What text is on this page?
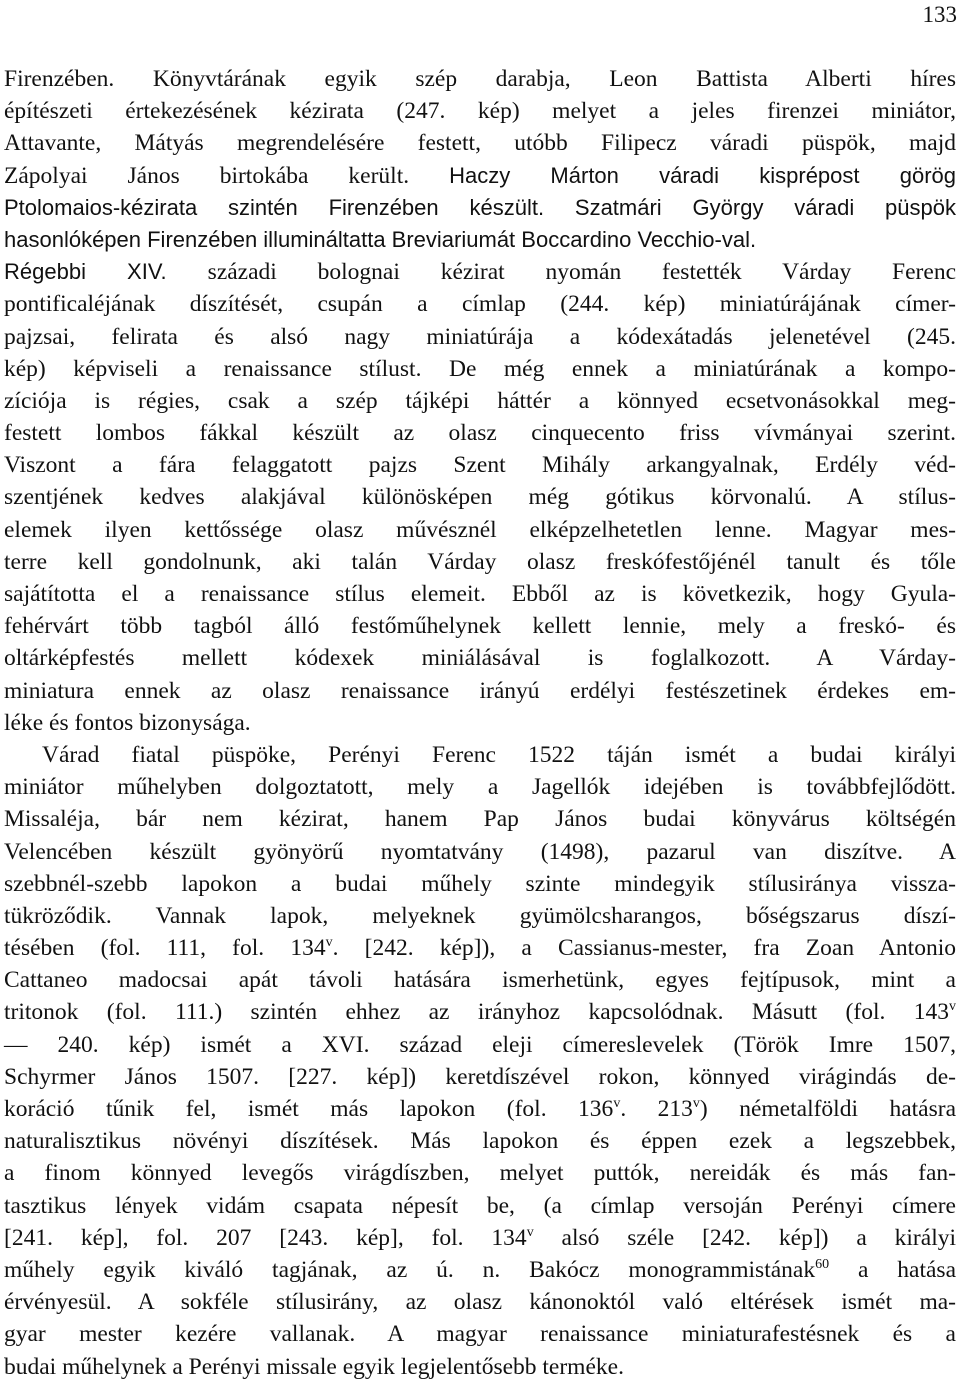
133
Firenzében. Könyvtárának egyik szép darabja, Leon Battista Alberti híres
építészeti értekezésének kézirata (247. kép) melyet a jeles firenzei miniátor,
Attavante, Mátyás megrendelésére festett, utóbb Filipecz váradi püspök, majd
Zápolyai János birtokába került. Haczy Márton váradi kisprépost görög
Ptolomaios-kézirata szintén Firenzében készült. Szatmári György váradi püspök
hasonlóképen Firenzében illumináltatta Breviariumát Boccardino Vecchio-val.
Régebbi XIV. századi bolognai kézirat nyomán festették Várday Ferenc
pontificaléjának díszítését, csupán a címlap (244. kép) miniatúrájának címer-
pajzsai, felirata és alsó nagy miniatúrája a kódexátadás jelenetével (245.
kép) képviseli a renaissance stílust. De még ennek a miniatúrának a kompo-
zíciója is régies, csak a szép tájképi háttér a könnyed ecsetvonásokkal meg-
festett lombos fákkal készült az olasz cinquecento friss vívmányai szerint.
Viszont a fára felaggatott pajzs Szent Mihály arkangyalnak, Erdély véd-
szentjének kedves alakjával különösképen még gótikus körvonalú. A stílus-
elemek ilyen kettőssége olasz művésznél elképzelhetetlen lenne. Magyar mes-
terre kell gondolnunk, aki talán Várday olasz freskófestőjénél tanult és tőle
sajátította el a renaissance stílus elemeit. Ebből az is következik, hogy Gyula-
fehérvárt több tagból álló festőműhelynek kellett lennie, mely a freskó- és
oltárképfestés mellett kódexek miniálásával is foglalkozott. A Várday-
miniatura ennek az olasz renaissance irányú erdélyi festészetinek érdekes em-
léke és fontos bizonysága.
Várad fiatal püspöke, Perényi Ferenc 1522 táján ismét a budai királyi
miniátor műhelyben dolgoztatott, mely a Jagellók idejében is továbbfejlődött.
Missaléja, bár nem kézirat, hanem Pap János budai könyvárus költségén
Velencében készült gyönyörű nyomtatvány (1498), pazarul van diszítve. A
szebbnél-szebb lapokon a budai műhely szinte mindegyik stílusiránya vissza-
tükröződik. Vannak lapok, melyeknek gyümölcsharangos, bőségszarus díszí-
tésében (fol. 111, fol. 134$^v$. [242. kép]), a Cassianus-mester, fra Zoan Antonio
Cattaneo madocsai apát távoli hatására ismerhetünk, egyes fejtípusok, mint a
tritonok (fol. 111.) szintén ehhez az irányhoz kapcsolódnak. Másutt (fol. 143$^v$
— 240. kép) ismét a XVI. század eleji címereslevelek (Török Imre 1507,
Schyrmer János 1507. [227. kép]) keretdíszével rokon, könnyed virágindás de-
koráció tűnik fel, ismét más lapokon (fol. 136$^v$. 213$^v$) németalföldi hatásra
naturalisztikus növényi díszítések. Más lapokon és éppen ezek a legszebbek,
a finom könnyed levegős virágdíszben, melyet puttók, nereidák és más fan-
tasztikus lények vidám csapata népesít be, (a címlap versoján Perényi címere
[241. kép], fol. 207 [243. kép], fol. 134$^v$ alsó széle [242. kép]) a királyi
műhely egyik kiváló tagjának, az ú. n. Bakócz monogrammistának$^{60}$ a hatása
érvényesül. A sokféle stílusirány, az olasz kánonoktól való eltérések ismét ma-
gyar mester kezére vallanak. A magyar renaissance miniaturafestésnek és a
budai műhelynek a Perényi missale egyik legjelentősebb terméke.
